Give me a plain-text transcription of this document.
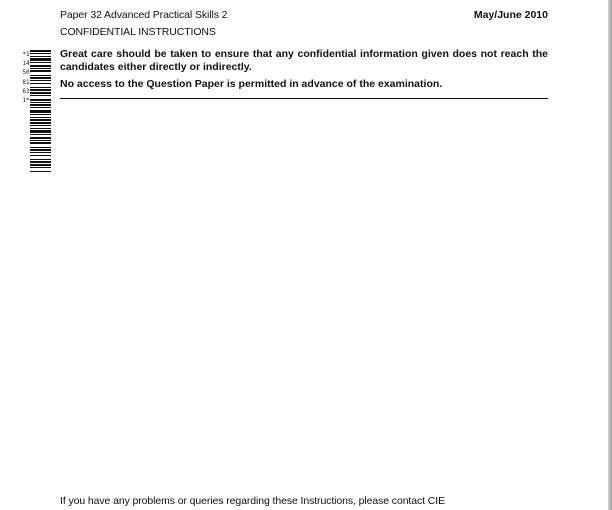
Paper 32 Advanced Practical Skills 2	May/June 2010
CONFIDENTIAL INSTRUCTIONS
*1145081631*
Great care should be taken to ensure that any confidential information given does not reach the candidates either directly or indirectly.
No access to the Question Paper is permitted in advance of the examination.
If you have any problems or queries regarding these Instructions, please contact CIE
